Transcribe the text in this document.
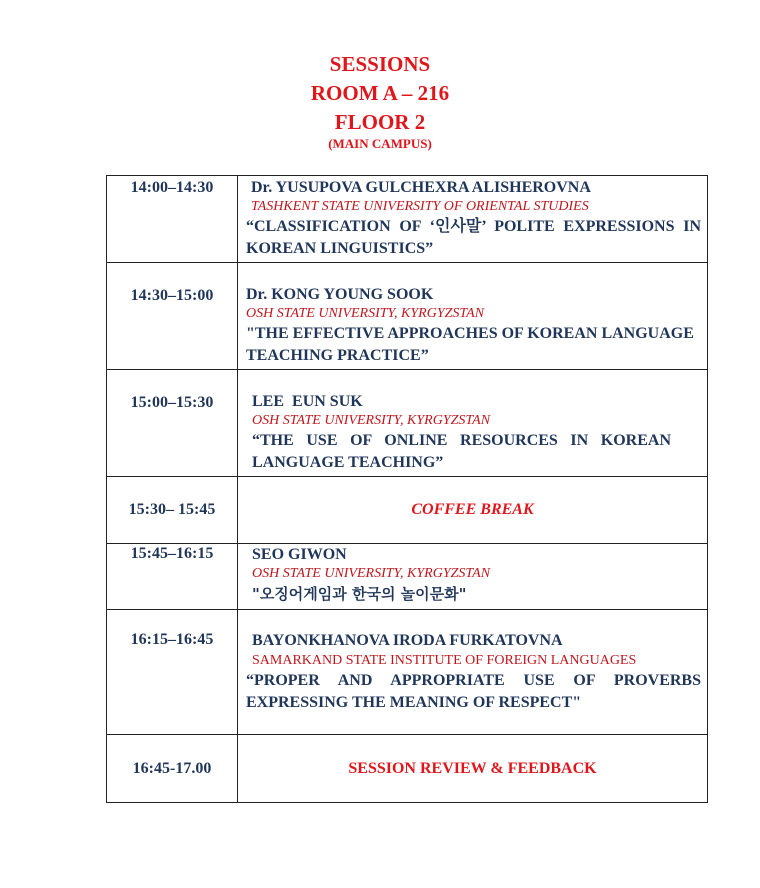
SESSIONS
ROOM A – 216
FLOOR 2
(MAIN CAMPUS)
14:00–14:30	Dr. YUSUPOVA GULCHEXRA ALISHEROVNA
TASHKENT STATE UNIVERSITY OF ORIENTAL STUDIES
“CLASSIFICATION OF ‘인사말’ POLITE EXPRESSIONS IN KOREAN LINGUISTICS”

14:30–15:00	Dr. KONG YOUNG SOOK
OSH STATE UNIVERSITY, KYRGYZSTAN
"THE EFFECTIVE APPROACHES OF KOREAN LANGUAGE TEACHING PRACTICE”

15:00–15:30	LEE  EUN SUK
OSH STATE UNIVERSITY, KYRGYZSTAN
“THE USE OF ONLINE RESOURCES IN KOREAN LANGUAGE TEACHING”

15:30– 15:45	COFFEE BREAK
15:45–16:15	SEO GIWON
OSH STATE UNIVERSITY, KYRGYZSTAN
"오징어게임과 한국의 놀이문화"

16:15–16:45	BAYONKHANOVA IRODA FURKATOVNA
SAMARKAND STATE INSTITUTE OF FOREIGN LANGUAGES
“PROPER AND APPROPRIATE USE OF PROVERBS EXPRESSING THE MEANING OF RESPECT"

16:45-17.00	SESSION REVIEW & FEEDBACK
